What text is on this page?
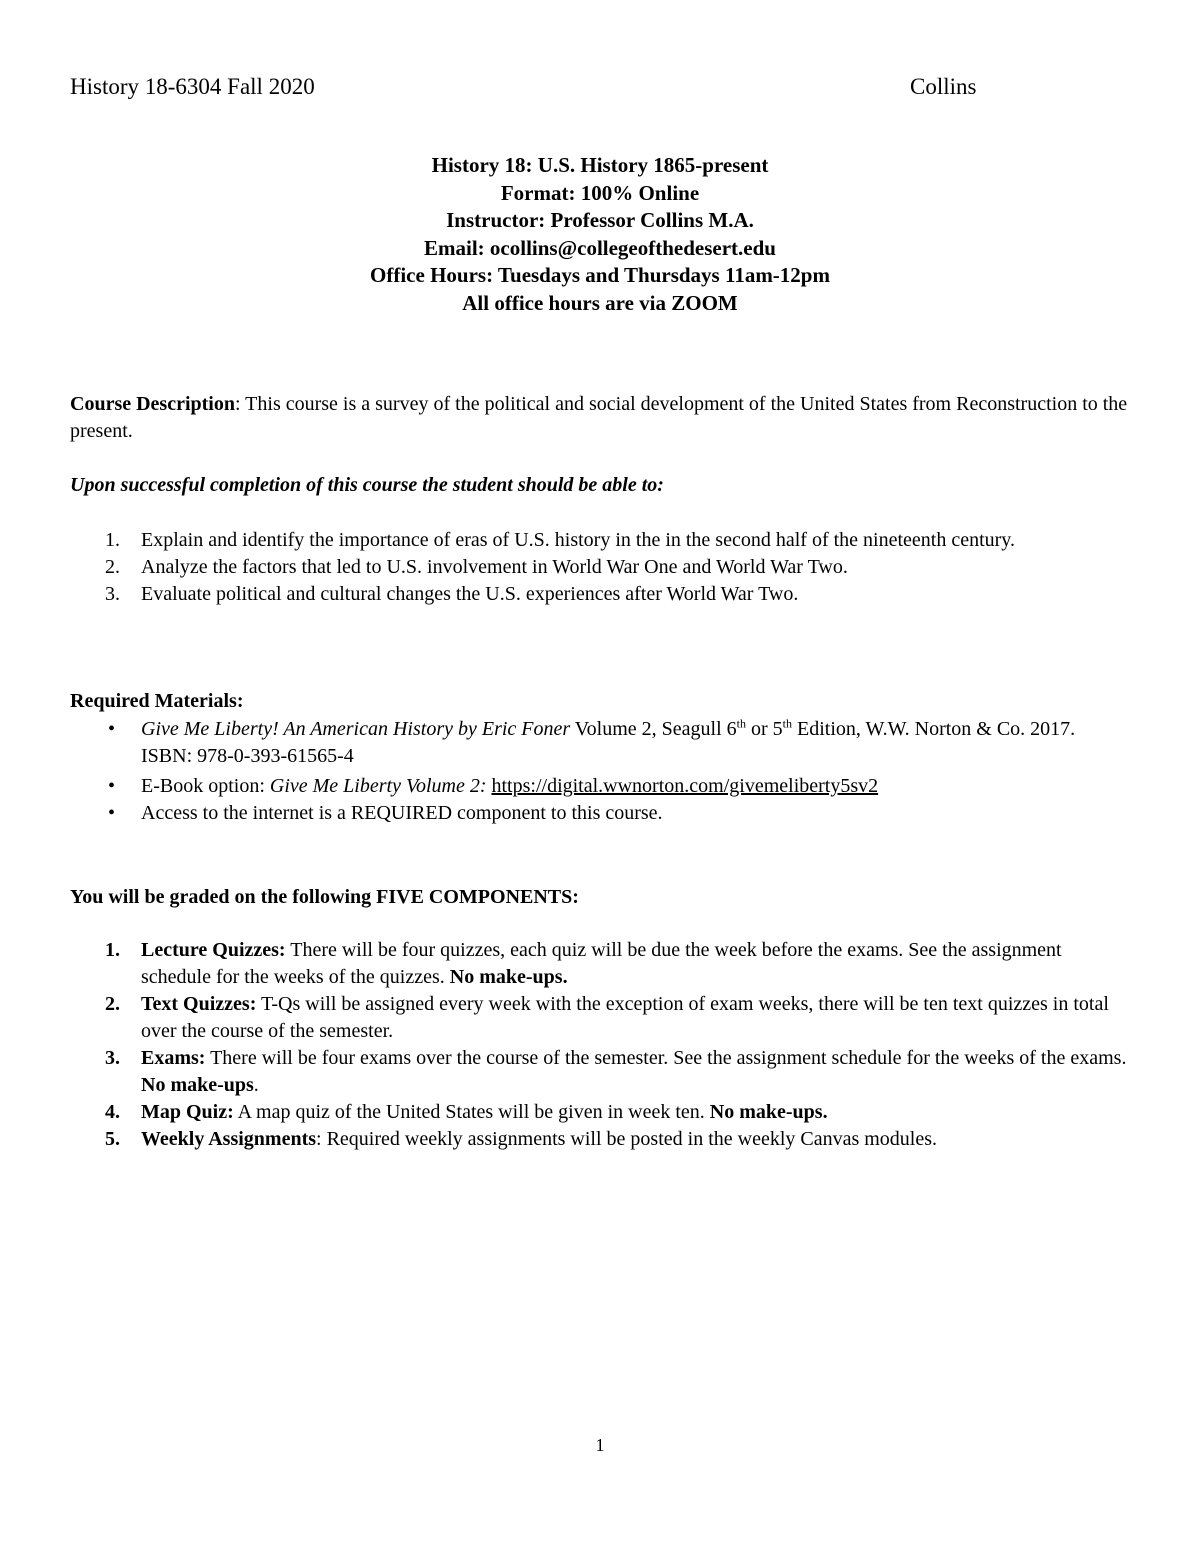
History 18-6304 Fall 2020	Collins
History 18: U.S. History 1865-present
Format: 100% Online
Instructor: Professor Collins M.A.
Email: ocollins@collegeofthedesert.edu
Office Hours: Tuesdays and Thursdays 11am-12pm
All office hours are via ZOOM
Course Description: This course is a survey of the political and social development of the United States from Reconstruction to the present.
Upon successful completion of this course the student should be able to:
1.	Explain and identify the importance of eras of U.S. history in the in the second half of the nineteenth century.
2.	Analyze the factors that led to U.S. involvement in World War One and World War Two.
3.	Evaluate political and cultural changes the U.S. experiences after World War Two.
Required Materials:
• Give Me Liberty! An American History by Eric Foner Volume 2, Seagull 6th or 5th Edition, W.W. Norton & Co. 2017. ISBN: 978-0-393-61565-4
• E-Book option: Give Me Liberty Volume 2: https://digital.wwnorton.com/givemeliberty5sv2
• Access to the internet is a REQUIRED component to this course.
You will be graded on the following FIVE COMPONENTS:
1.	Lecture Quizzes: There will be four quizzes, each quiz will be due the week before the exams. See the assignment schedule for the weeks of the quizzes. No make-ups.
2.	Text Quizzes: T-Qs will be assigned every week with the exception of exam weeks, there will be ten text quizzes in total over the course of the semester.
3.	Exams: There will be four exams over the course of the semester. See the assignment schedule for the weeks of the exams. No make-ups.
4.	Map Quiz: A map quiz of the United States will be given in week ten. No make-ups.
5.	Weekly Assignments: Required weekly assignments will be posted in the weekly Canvas modules.
1
